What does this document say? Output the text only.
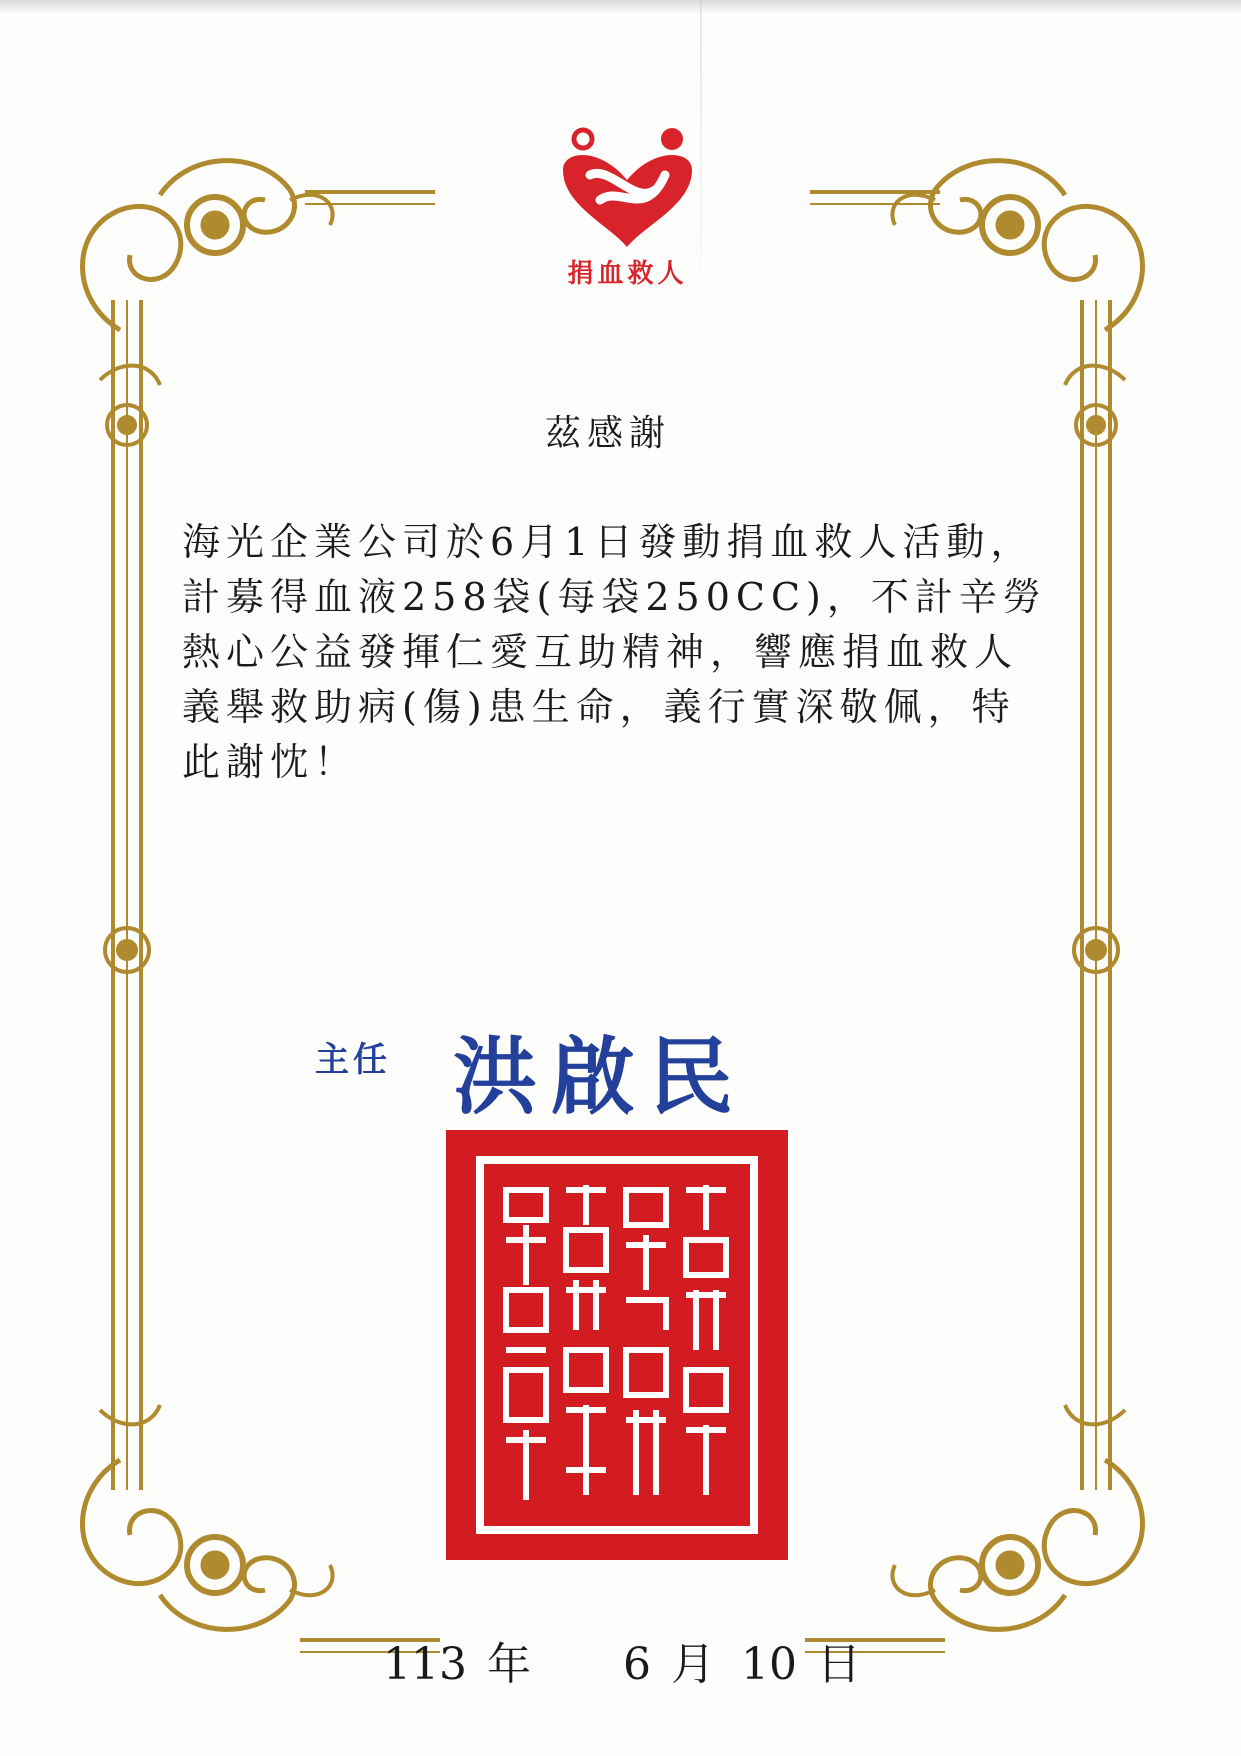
捐血救人
茲感謝
海光企業公司於6月1日發動捐血救人活動，
計募得血液258袋(每袋250CC)，不計辛勞
熱心公益發揮仁愛互助精神，響應捐血救人
義舉救助病(傷)患生命，義行實深敬佩，特
此謝忱！
主任 洪啟民
113 年 6 月 10 日
